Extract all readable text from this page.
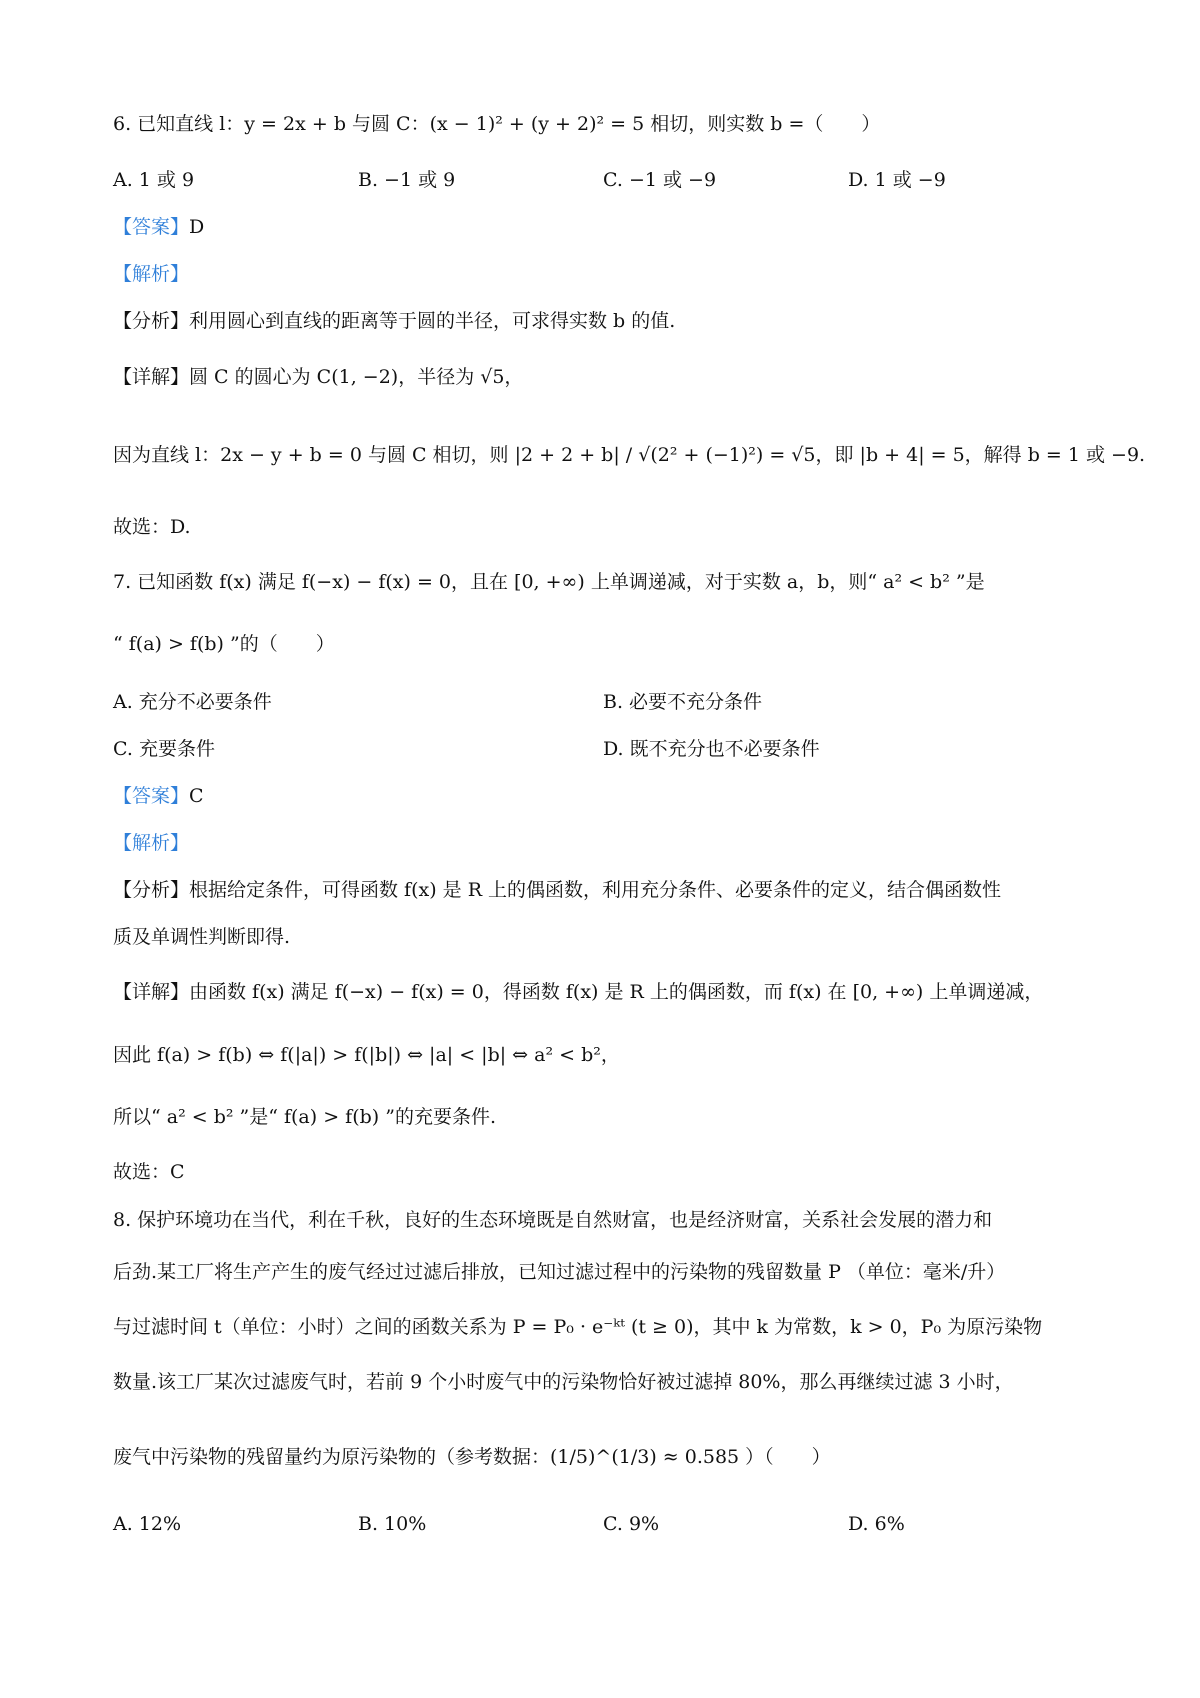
6. 已知直线 l：y = 2x + b 与圆 C：(x − 1)² + (y + 2)² = 5 相切，则实数 b =（　　）
A. 1 或 9	B. −1 或 9	C. −1 或 −9	D. 1 或 −9
【答案】D
【解析】
【分析】利用圆心到直线的距离等于圆的半径，可求得实数 b 的值.
【详解】圆 C 的圆心为 C(1, −2)，半径为 √5，
因为直线 l：2x − y + b = 0 与圆 C 相切，则 |2 + 2 + b| / √(2² + (−1)²) = √5，即 |b + 4| = 5，解得 b = 1 或 −9.
故选：D.
7. 已知函数 f(x) 满足 f(−x) − f(x) = 0，且在 [0, +∞) 上单调递减，对于实数 a，b，则“ a² < b² ”是
“ f(a) > f(b) ”的（　　）
A. 充分不必要条件	B. 必要不充分条件
C. 充要条件	D. 既不充分也不必要条件
【答案】C
【解析】
【分析】根据给定条件，可得函数 f(x) 是 R 上的偶函数，利用充分条件、必要条件的定义，结合偶函数性
质及单调性判断即得.
【详解】由函数 f(x) 满足 f(−x) − f(x) = 0，得函数 f(x) 是 R 上的偶函数，而 f(x) 在 [0, +∞) 上单调递减，
因此 f(a) > f(b) ⇔ f(|a|) > f(|b|) ⇔ |a| < |b| ⇔ a² < b²，
所以“ a² < b² ”是“ f(a) > f(b) ”的充要条件.
故选：C
8. 保护环境功在当代，利在千秋，良好的生态环境既是自然财富，也是经济财富，关系社会发展的潜力和
后劲.某工厂将生产产生的废气经过过滤后排放，已知过滤过程中的污染物的残留数量 P （单位：毫米/升）
与过滤时间 t（单位：小时）之间的函数关系为 P = P₀ · e⁻ᵏᵗ (t ≥ 0)，其中 k 为常数，k > 0，P₀ 为原污染物
数量.该工厂某次过滤废气时，若前 9 个小时废气中的污染物恰好被过滤掉 80%，那么再继续过滤 3 小时，
废气中污染物的残留量约为原污染物的（参考数据：(1/5)^(1/3) ≈ 0.585 ）（　　）
A. 12%	B. 10%	C. 9%	D. 6%
